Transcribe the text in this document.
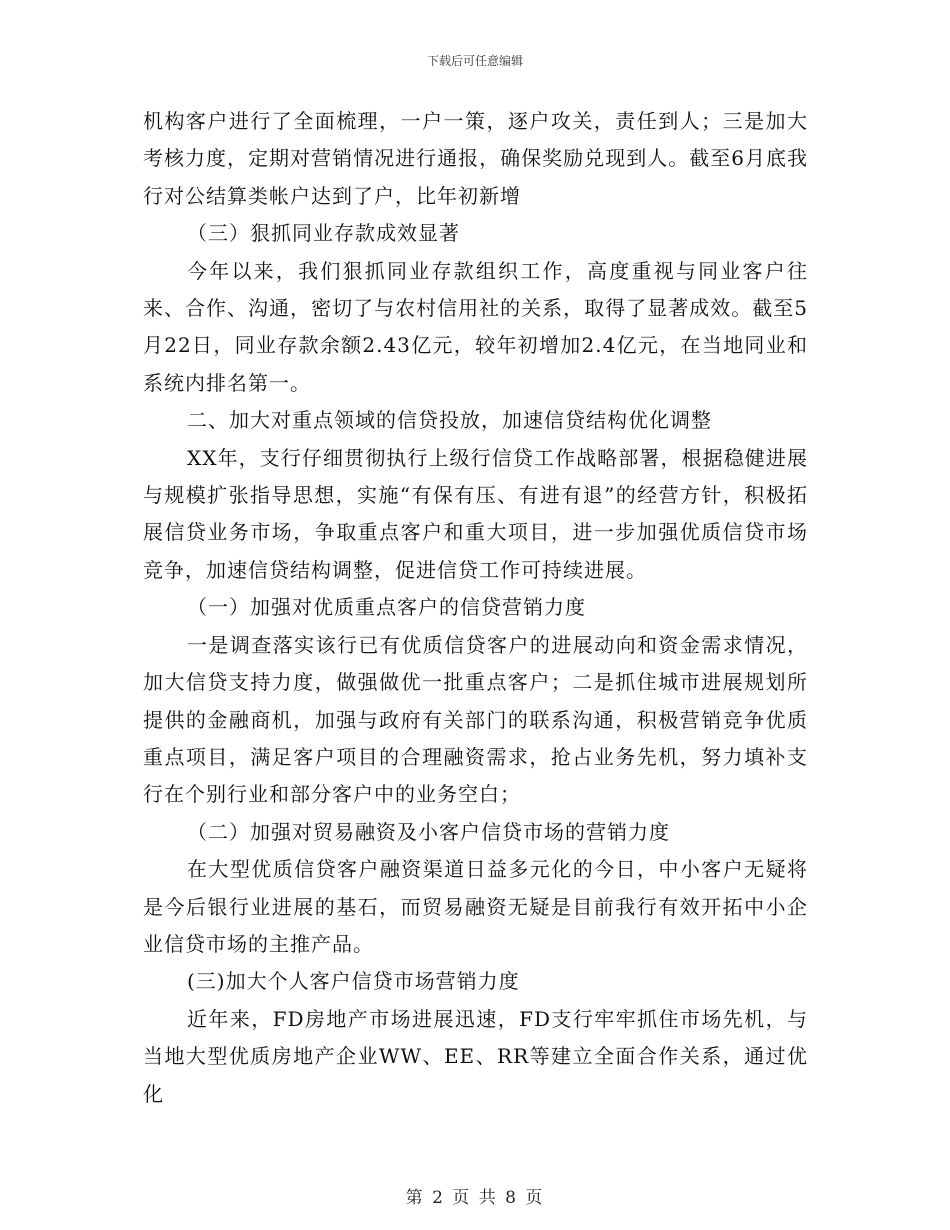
下载后可任意编辑

机构客户进行了全面梳理，一户一策，逐户攻关，责任到人；三是加大考核力度，定期对营销情况进行通报，确保奖励兑现到人。截至6月底我行对公结算类帐户达到了户，比年初新增

（三）狠抓同业存款成效显著

今年以来，我们狠抓同业存款组织工作，高度重视与同业客户往来、合作、沟通，密切了与农村信用社的关系，取得了显著成效。截至5月22日，同业存款余额2.43亿元，较年初增加2.4亿元，在当地同业和系统内排名第一。

二、加大对重点领域的信贷投放，加速信贷结构优化调整

XX年，支行仔细贯彻执行上级行信贷工作战略部署，根据稳健进展与规模扩张指导思想，实施“有保有压、有进有退”的经营方针，积极拓展信贷业务市场，争取重点客户和重大项目，进一步加强优质信贷市场竞争，加速信贷结构调整，促进信贷工作可持续进展。

（一）加强对优质重点客户的信贷营销力度

一是调查落实该行已有优质信贷客户的进展动向和资金需求情况，加大信贷支持力度，做强做优一批重点客户；二是抓住城市进展规划所提供的金融商机，加强与政府有关部门的联系沟通，积极营销竞争优质重点项目，满足客户项目的合理融资需求，抢占业务先机，努力填补支行在个别行业和部分客户中的业务空白；

（二）加强对贸易融资及小客户信贷市场的营销力度

在大型优质信贷客户融资渠道日益多元化的今日，中小客户无疑将是今后银行业进展的基石，而贸易融资无疑是目前我行有效开拓中小企业信贷市场的主推产品。

(三)加大个人客户信贷市场营销力度

近年来，FD房地产市场进展迅速，FD支行牢牢抓住市场先机，与当地大型优质房地产企业WW、EE、RR等建立全面合作关系，通过优化

第 2 页 共 8 页
